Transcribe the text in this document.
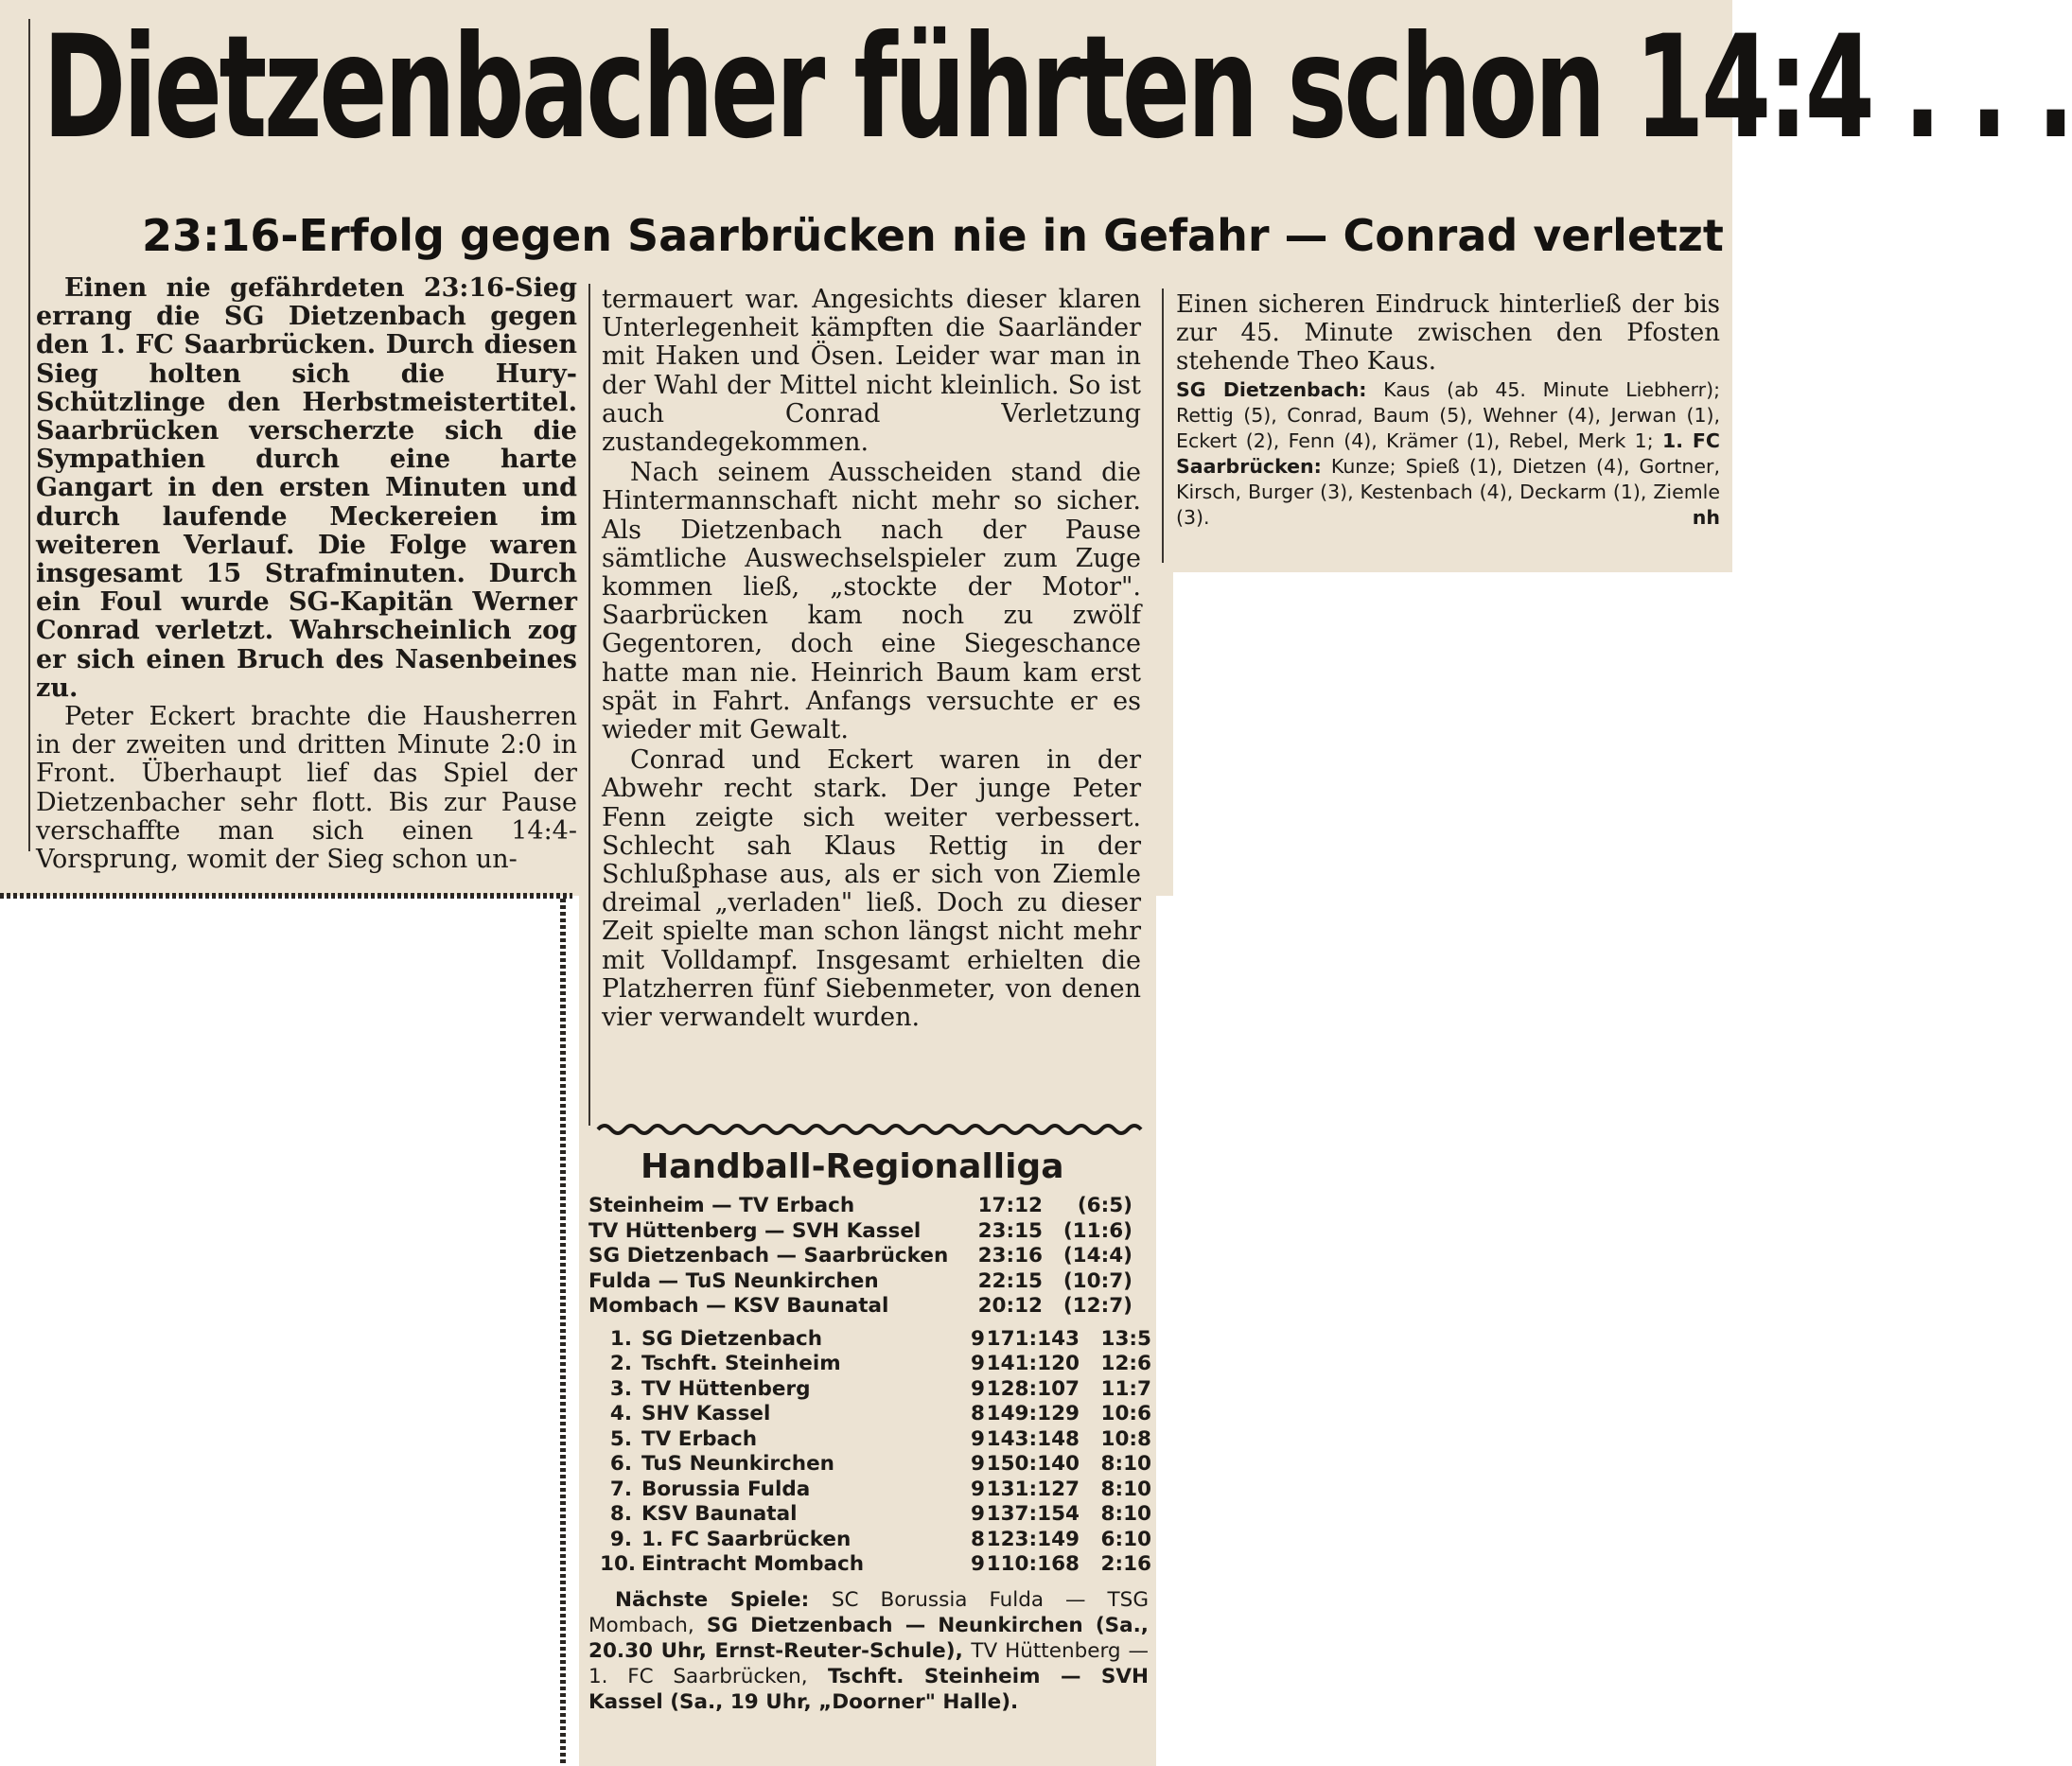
Dietzenbacher führten schon 14:4 . . .
23:16-Erfolg gegen Saarbrücken nie in Gefahr — Conrad verletzt

Einen nie gefährdeten 23:16-Sieg errang die SG Dietzenbach gegen den 1. FC Saarbrücken. Durch diesen Sieg holten sich die Hury-Schützlinge den Herbstmeistertitel. Saarbrücken verscherzte sich die Sympathien durch eine harte Gangart in den ersten Minuten und durch laufende Meckereien im weiteren Verlauf. Die Folge waren insgesamt 15 Strafminuten. Durch ein Foul wurde SG-Kapitän Werner Conrad verletzt. Wahrscheinlich zog er sich einen Bruch des Nasenbeines zu.

Peter Eckert brachte die Hausherren in der zweiten und dritten Minute 2:0 in Front. Überhaupt lief das Spiel der Dietzenbacher sehr flott. Bis zur Pause verschaffte man sich einen 14:4-Vorsprung, womit der Sieg schon un-

termauert war. Angesichts dieser klaren Unterlegenheit kämpften die Saarländer mit Haken und Ösen. Leider war man in der Wahl der Mittel nicht kleinlich. So ist auch Conrad Verletzung zustandegekommen.

Nach seinem Ausscheiden stand die Hintermannschaft nicht mehr so sicher. Als Dietzenbach nach der Pause sämtliche Auswechselspieler zum Zuge kommen ließ, „stockte der Motor". Saarbrücken kam noch zu zwölf Gegentoren, doch eine Siegeschance hatte man nie. Heinrich Baum kam erst spät in Fahrt. Anfangs versuchte er es wieder mit Gewalt.

Conrad und Eckert waren in der Abwehr recht stark. Der junge Peter Fenn zeigte sich weiter verbessert. Schlecht sah Klaus Rettig in der Schlußphase aus, als er sich von Ziemle dreimal „verladen" ließ. Doch zu dieser Zeit spielte man schon längst nicht mehr mit Volldampf. Insgesamt erhielten die Platzherren fünf Siebenmeter, von denen vier verwandelt wurden.

Einen sicheren Eindruck hinterließ der bis zur 45. Minute zwischen den Pfosten stehende Theo Kaus.

SG Dietzenbach: Kaus (ab 45. Minute Liebherr); Rettig (5), Conrad, Baum (5), Wehner (4), Jerwan (1), Eckert (2), Fenn (4), Krämer (1), Rebel, Merk 1; 1. FC Saarbrücken: Kunze; Spieß (1), Dietzen (4), Gortner, Kirsch, Burger (3), Kestenbach (4), Deckarm (1), Ziemle (3).	nh

Handball-Regionalliga
Steinheim — TV Erbach	17:12	(6:5)
TV Hüttenberg — SVH Kassel	23:15	(11:6)
SG Dietzenbach — Saarbrücken	23:16	(14:4)
Fulda — TuS Neunkirchen	22:15	(10:7)
Mombach — KSV Baunatal	20:12	(12:7)
1. SG Dietzenbach	9 171:143	13:5
2. Tschft. Steinheim	9 141:120	12:6
3. TV Hüttenberg	9 128:107	11:7
4. SHV Kassel	8 149:129	10:6
5. TV Erbach	9 143:148	10:8
6. TuS Neunkirchen	9 150:140	8:10
7. Borussia Fulda	9 131:127	8:10
8. KSV Baunatal	9 137:154	8:10
9. 1. FC Saarbrücken	8 123:149	6:10
10. Eintracht Mombach	9 110:168	2:16
Nächste Spiele: SC Borussia Fulda — TSG Mombach, SG Dietzenbach — Neunkirchen (Sa., 20.30 Uhr, Ernst-Reuter-Schule), TV Hüttenberg — 1. FC Saarbrücken, Tschft. Steinheim — SVH Kassel (Sa., 19 Uhr, „Doorner" Halle).
